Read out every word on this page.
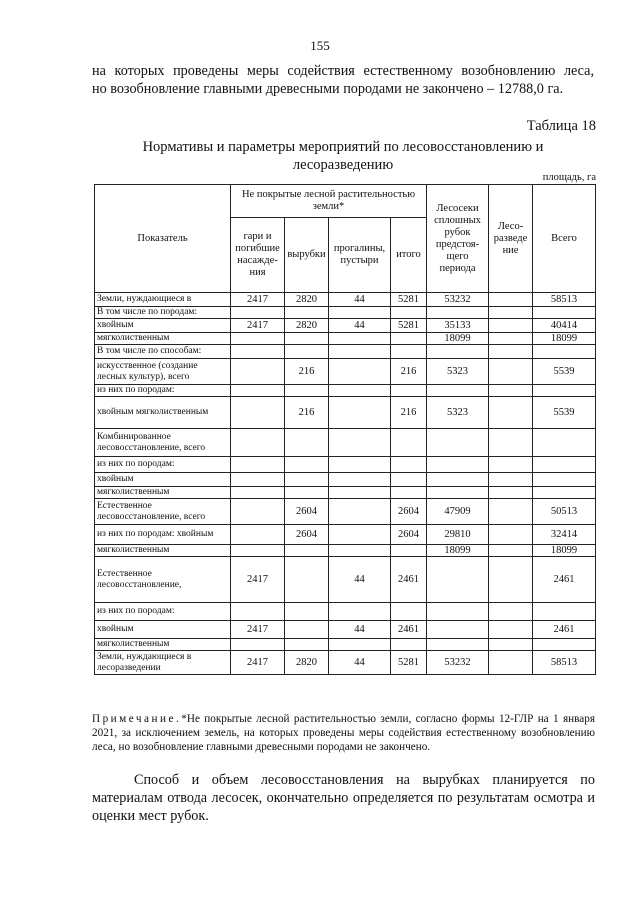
155
на которых проведены меры содействия естественному возобновлению леса,
но возобновление главными древесными породами не закончено – 12788,0 га.
Таблица 18
Нормативы и параметры мероприятий по лесовосстановлению и лесоразведению
площадь, га
Показатель	Не покрытые лесной растительностью земли*				Лесосеки сплошных рубок предстоя-щего периода	Лесо-разведе ние	Всего
	гари и погибшие насажде-ния	вырубки	прогалины, пустыри	итого			
Земли, нуждающиеся в	2417	2820	44	5281	53232		58513
В том числе по породам:							
хвойным	2417	2820	44	5281	35133		40414
мягколиственным					18099		18099
В том числе по способам:							
искусственное (создание лесных культур), всего		216		216	5323		5539
из них по породам:							
хвойным мягколиственным		216		216	5323		5539
Комбинированное лесовосстановление, всего							
из них по породам:							
хвойным							
мягколиственным							
Естественное лесовосстановление, всего		2604		2604	47909		50513
из них по породам: хвойным		2604		2604	29810		32414
мягколиственным					18099		18099
Естественное лесовосстановление,	2417		44	2461			2461
из них по породам:							
хвойным	2417		44	2461			2461
мягколиственным							
Земли, нуждающиеся в лесоразведении	2417	2820	44	5281	53232		58513
Примечание.*Не покрытые лесной растительностью земли, согласно формы 12-ГЛР на 1 января 2021, за исключением земель, на которых проведены меры содействия естественному возобновлению леса, но возобновление главными древесными породами не закончено.

Способ и объем лесовосстановления на вырубках планируется по материалам отвода лесосек, окончательно определяется по результатам осмотра и оценки мест рубок.
